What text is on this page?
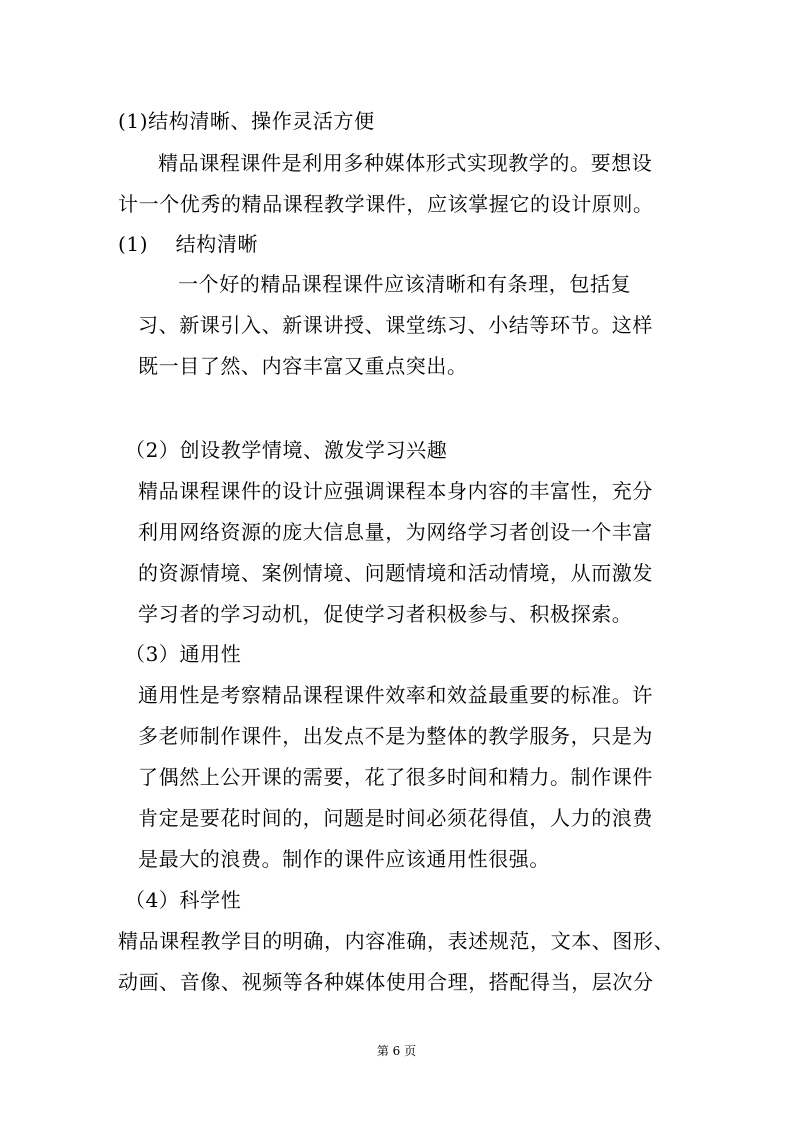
(1)结构清晰、操作灵活方便
精品课程课件是利用多种媒体形式实现教学的。要想设
计一个优秀的精品课程教学课件，应该掌握它的设计原则。
(1)　 结构清晰
一个好的精品课程课件应该清晰和有条理，包括复
习、新课引入、新课讲授、课堂练习、小结等环节。这样
既一目了然、内容丰富又重点突出。
（2）创设教学情境、激发学习兴趣
精品课程课件的设计应强调课程本身内容的丰富性，充分
利用网络资源的庞大信息量，为网络学习者创设一个丰富
的资源情境、案例情境、问题情境和活动情境，从而激发
学习者的学习动机，促使学习者积极参与、积极探索。
（3）通用性
通用性是考察精品课程课件效率和效益最重要的标准。许
多老师制作课件，出发点不是为整体的教学服务，只是为
了偶然上公开课的需要，花了很多时间和精力。制作课件
肯定是要花时间的，问题是时间必须花得值，人力的浪费
是最大的浪费。制作的课件应该通用性很强。
（4）科学性
精品课程教学目的明确，内容准确，表述规范，文本、图形、
动画、音像、视频等各种媒体使用合理，搭配得当，层次分
第 6 页
